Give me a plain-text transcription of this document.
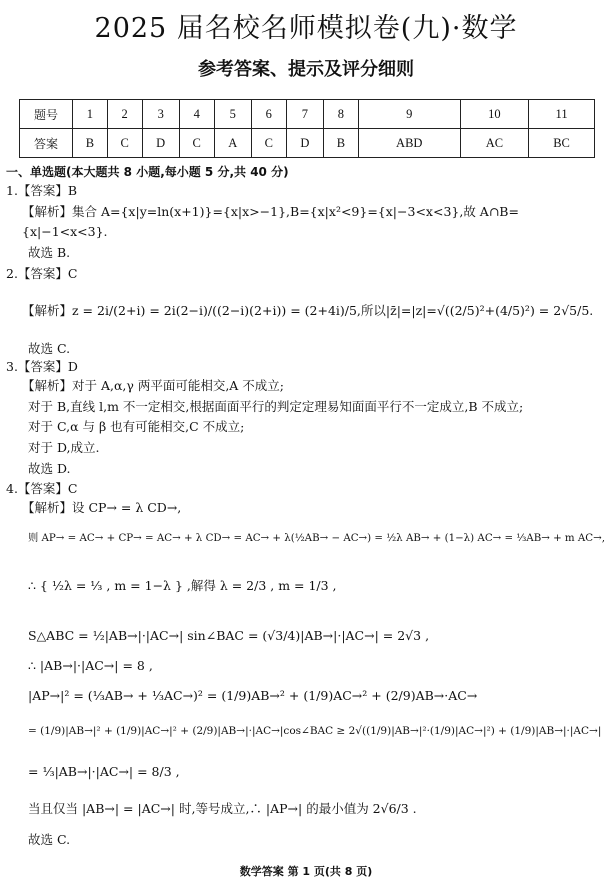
2025 届名校名师模拟卷(九)·数学
参考答案、提示及评分细则
题号	1	2	3	4	5	6	7	8	9	10	11
答案	B	C	D	C	A	C	D	B	ABD	AC	BC
一、单选题(本大题共 8 小题,每小题 5 分,共 40 分)
1.【答案】B
【解析】集合 A={x|y=ln(x+1)}={x|x>−1},B={x|x²<9}={x|−3<x<3},故 A∩B=
{x|−1<x<3}.
故选 B.
2.【答案】C
【解析】z = 2i/(2+i) = 2i(2−i)/((2−i)(2+i)) = (2+4i)/5,所以|z̄|=|z|=√((2/5)²+(4/5)²) = 2√5/5.
故选 C.
3.【答案】D
【解析】对于 A,α,γ 两平面可能相交,A 不成立;
对于 B,直线 l,m 不一定相交,根据面面平行的判定定理易知面面平行不一定成立,B 不成立;
对于 C,α 与 β 也有可能相交,C 不成立;
对于 D,成立.
故选 D.
4.【答案】C
【解析】设 CP→ = λ CD→,
则 AP→ = AC→ + CP→ = AC→ + λ CD→ = AC→ + λ(½AB→ − AC→) = ½λ AB→ + (1−λ) AC→ = ⅓AB→ + m AC→,
∴ { ½λ = ⅓ , m = 1−λ } ,解得 λ = 2/3 , m = 1/3 ,
S△ABC = ½|AB→|·|AC→| sin∠BAC = (√3/4)|AB→|·|AC→| = 2√3 ,
∴ |AB→|·|AC→| = 8 ,
|AP→|² = (⅓AB→ + ⅓AC→)² = (1/9)AB→² + (1/9)AC→² + (2/9)AB→·AC→
= (1/9)|AB→|² + (1/9)|AC→|² + (2/9)|AB→|·|AC→|cos∠BAC ≥ 2√((1/9)|AB→|²·(1/9)|AC→|²) + (1/9)|AB→|·|AC→|
= ⅓|AB→|·|AC→| = 8/3 ,
当且仅当 |AB→| = |AC→| 时,等号成立,∴ |AP→| 的最小值为 2√6/3 .
故选 C.
数学答案 第 1 页(共 8 页)
